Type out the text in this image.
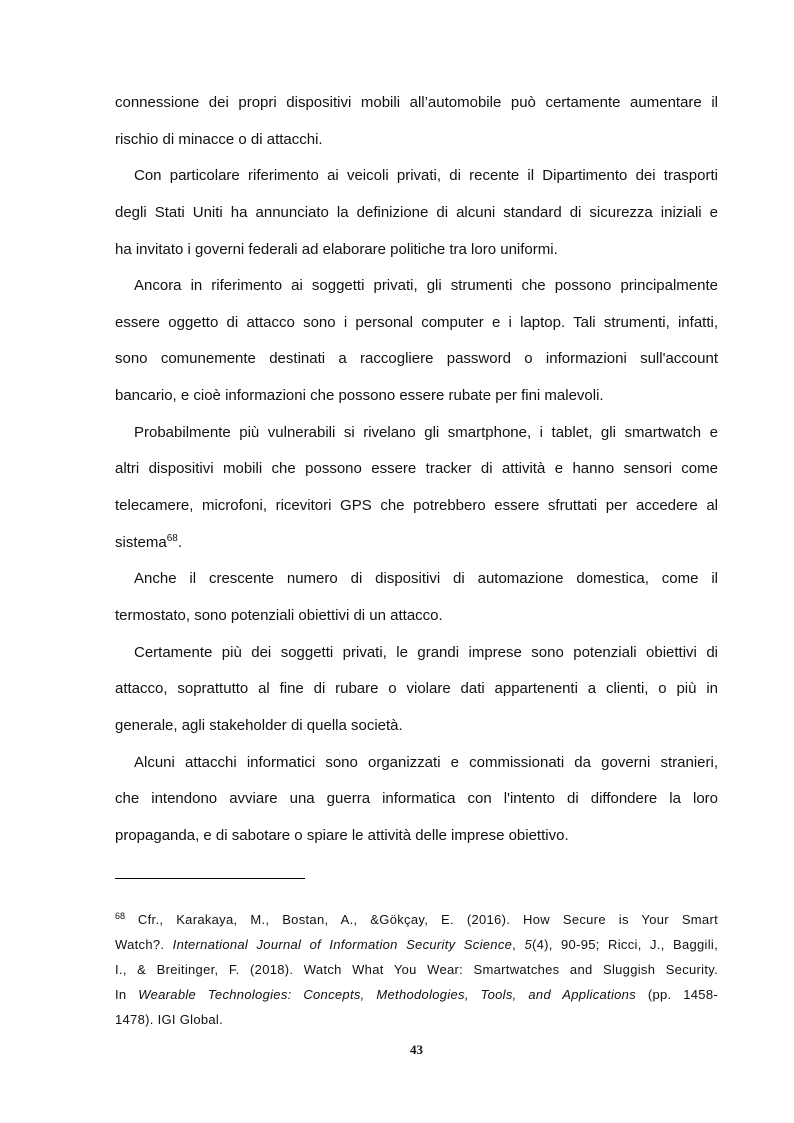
connessione dei propri dispositivi mobili all’automobile può certamente aumentare il
rischio di minacce o di attacchi.
Con particolare riferimento ai veicoli privati, di recente il Dipartimento dei trasporti
degli Stati Uniti ha annunciato la definizione di alcuni standard di sicurezza iniziali e
ha invitato i governi federali ad elaborare politiche tra loro uniformi.
Ancora in riferimento ai soggetti privati, gli strumenti che possono principalmente
essere oggetto di attacco sono i personal computer e i laptop. Tali strumenti, infatti,
sono comunemente destinati a raccogliere password o informazioni sull'account
bancario, e cioè informazioni che possono essere rubate per fini malevoli.
Probabilmente più vulnerabili si rivelano gli smartphone, i tablet, gli smartwatch e
altri dispositivi mobili che possono essere tracker di attività e hanno sensori come
telecamere, microfoni, ricevitori GPS che potrebbero essere sfruttati per accedere al
sistema$^{68}$.
Anche il crescente numero di dispositivi di automazione domestica, come il
termostato, sono potenziali obiettivi di un attacco.
Certamente più dei soggetti privati, le grandi imprese sono potenziali obiettivi di
attacco, soprattutto al fine di rubare o violare dati appartenenti a clienti, o più in
generale, agli stakeholder di quella società.
Alcuni attacchi informatici sono organizzati e commissionati da governi stranieri,
che intendono avviare una guerra informatica con l'intento di diffondere la loro
propaganda, e di sabotare o spiare le attività delle imprese obiettivo.
$^{68}$ Cfr., Karakaya, M., Bostan, A., &Gökçay, E. (2016). How Secure is Your Smart
Watch?. International Journal of Information Security Science, 5(4), 90-95; Ricci, J., Baggili,
I., & Breitinger, F. (2018). Watch What You Wear: Smartwatches and Sluggish Security.
In Wearable Technologies: Concepts, Methodologies, Tools, and Applications (pp. 1458-
1478). IGI Global.
43
